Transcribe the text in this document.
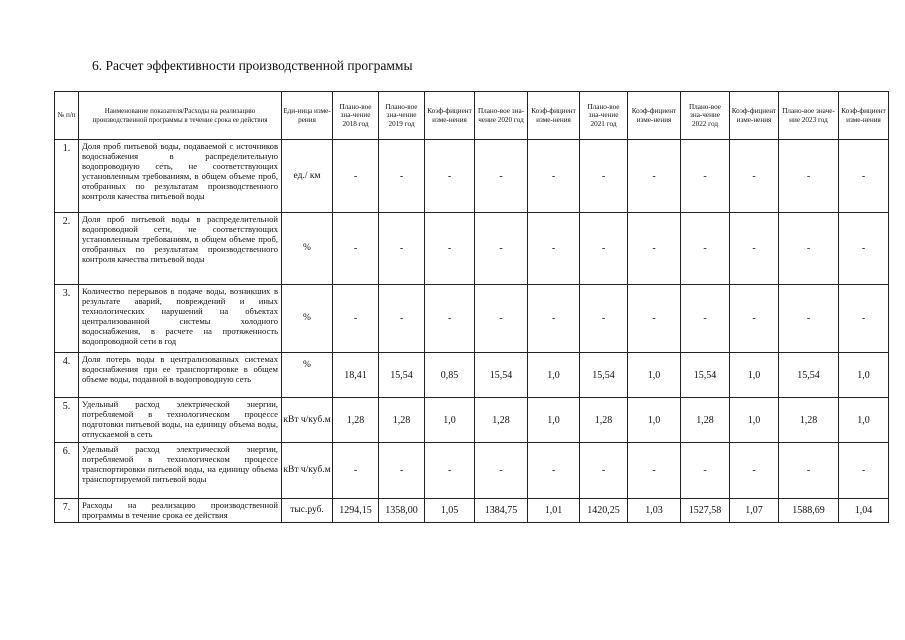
6. Расчет эффективности производственной программы
№ п/п	Наименование показателя/Расходы на реализацию производственной программы в течение срока ее действия	Еди-ница изме-рения	Плано-вое зна-чение 2018 год	Плано-вое зна-чение 2019 год	Коэф-фициент изме-нения	Плано-вое зна-чение 2020 год	Коэф-фициент изме-нения	Плано-вое зна-чение 2021 год	Коэф-фициент изме-нения	Плано-вое зна-чение 2022 год	Коэф-фициент изме-нения	Плано-вое значе-ние 2023 год	Коэф-фициент изме-нения
1.	Доля проб питьевой воды, подаваемой с источников водоснабжения в распределительную водопроводную сеть, не соответствующих установленным требованиям, в общем объеме проб, отобранных по результатам производственного контроля качества питьевой воды	ед./ км	-	-	-	-	-	-	-	-	-	-	-
2.	Доля проб питьевой воды в распределительной водопроводной сети, не соответствующих установленным требованиям, в общем объеме проб, отобранных по результатам производственного контроля качества питьевой воды	%	-	-	-	-	-	-	-	-	-	-	-
3.	Количество перерывов в подаче воды, возникших в результате аварий, повреждений и иных технологических нарушений на объектах централизованной системы холодного водоснабжения, в расчете на протяженность водопроводной сети в год	%	-	-	-	-	-	-	-	-	-	-	-
4.	Доля потерь воды в централизованных системах водоснабжения при ее транспортировке в общем объеме воды, поданной в водопроводную сеть	%	18,41	15,54	0,85	15,54	1,0	15,54	1,0	15,54	1,0	15,54	1,0
5.	Удельный расход электрической энергии, потребляемой в технологическом процессе подготовки питьевой воды, на единицу объема воды, отпускаемой в сеть	кВт ч/куб.м	1,28	1,28	1,0	1,28	1,0	1,28	1,0	1,28	1,0	1,28	1,0
6.	Удельный расход электрической энергии, потребляемой в технологическом процессе транспортировки питьевой воды, на единицу объема транспортируемой питьевой воды	кВт ч/куб.м	-	-	-	-	-	-	-	-	-	-	-
7.	Расходы на реализацию производственной программы в течение срока ее действия	тыс.руб.	1294,15	1358,00	1,05	1384,75	1,01	1420,25	1,03	1527,58	1,07	1588,69	1,04
